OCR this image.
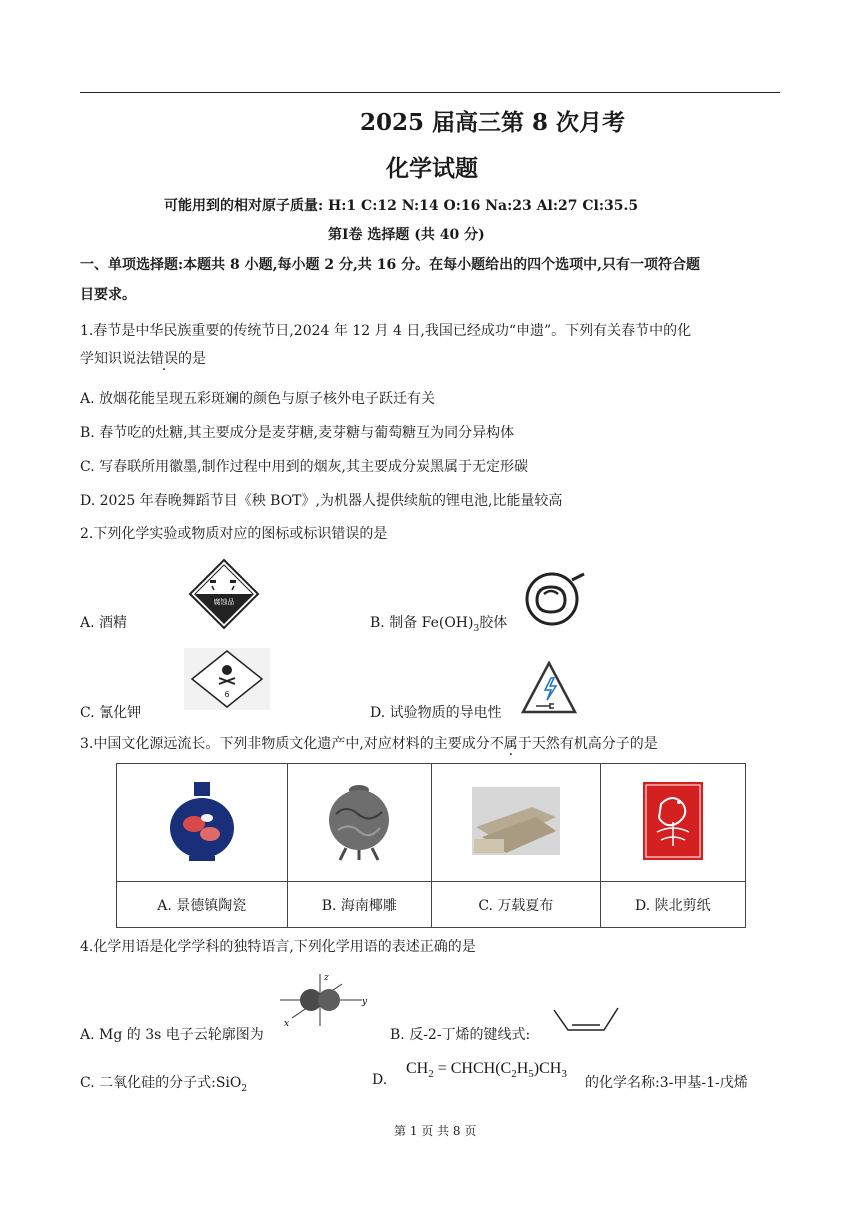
2025 届高三第 8 次月考
化学试题
可能用到的相对原子质量: H:1 C:12 N:14 O:16 Na:23 Al:27 Cl:35.5
第Ⅰ卷 选择题 (共 40 分)
一、单项选择题:本题共 8 小题,每小题 2 分,共 16 分。在每小题给出的四个选项中,只有一项符合题
目要求。
1.春节是中华民族重要的传统节日,2024 年 12 月 4 日,我国已经成功“申遗”。下列有关春节中的化
学知识说法错误的是
A. 放烟花能呈现五彩斑斓的颜色与原子核外电子跃迁有关
B. 春节吃的灶糖,其主要成分是麦芽糖,麦芽糖与葡萄糖互为同分异构体
C. 写春联所用徽墨,制作过程中用到的烟灰,其主要成分炭黑属于无定形碳
D. 2025 年春晚舞蹈节目《秧 BOT》,为机器人提供续航的锂电池,比能量较高
2.下列化学实验或物质对应的图标或标识错误的是
A. 酒精
腐蚀品
B. 制备 $Fe(OH)_3$胶体
C. 氰化钾
6
D. 试验物质的导电性
3.中国文化源远流长。下列非物质文化遗产中,对应材料的主要成分不属于天然有机高分子的是

A. 景德镇陶瓷	B. 海南椰雕	C. 万载夏布	D. 陕北剪纸
4.化学用语是化学学科的独特语言,下列化学用语的表述正确的是
A. Mg 的 3s 电子云轮廓图为
z
y
x
B. 反-2-丁烯的键线式:
C. 二氧化硅的分子式:SiO$_2$
D.
$CH_2$ = $CHCH(C_2H_5)CH_3$
的化学名称:3-甲基-1-戊烯
第 1 页 共 8 页
